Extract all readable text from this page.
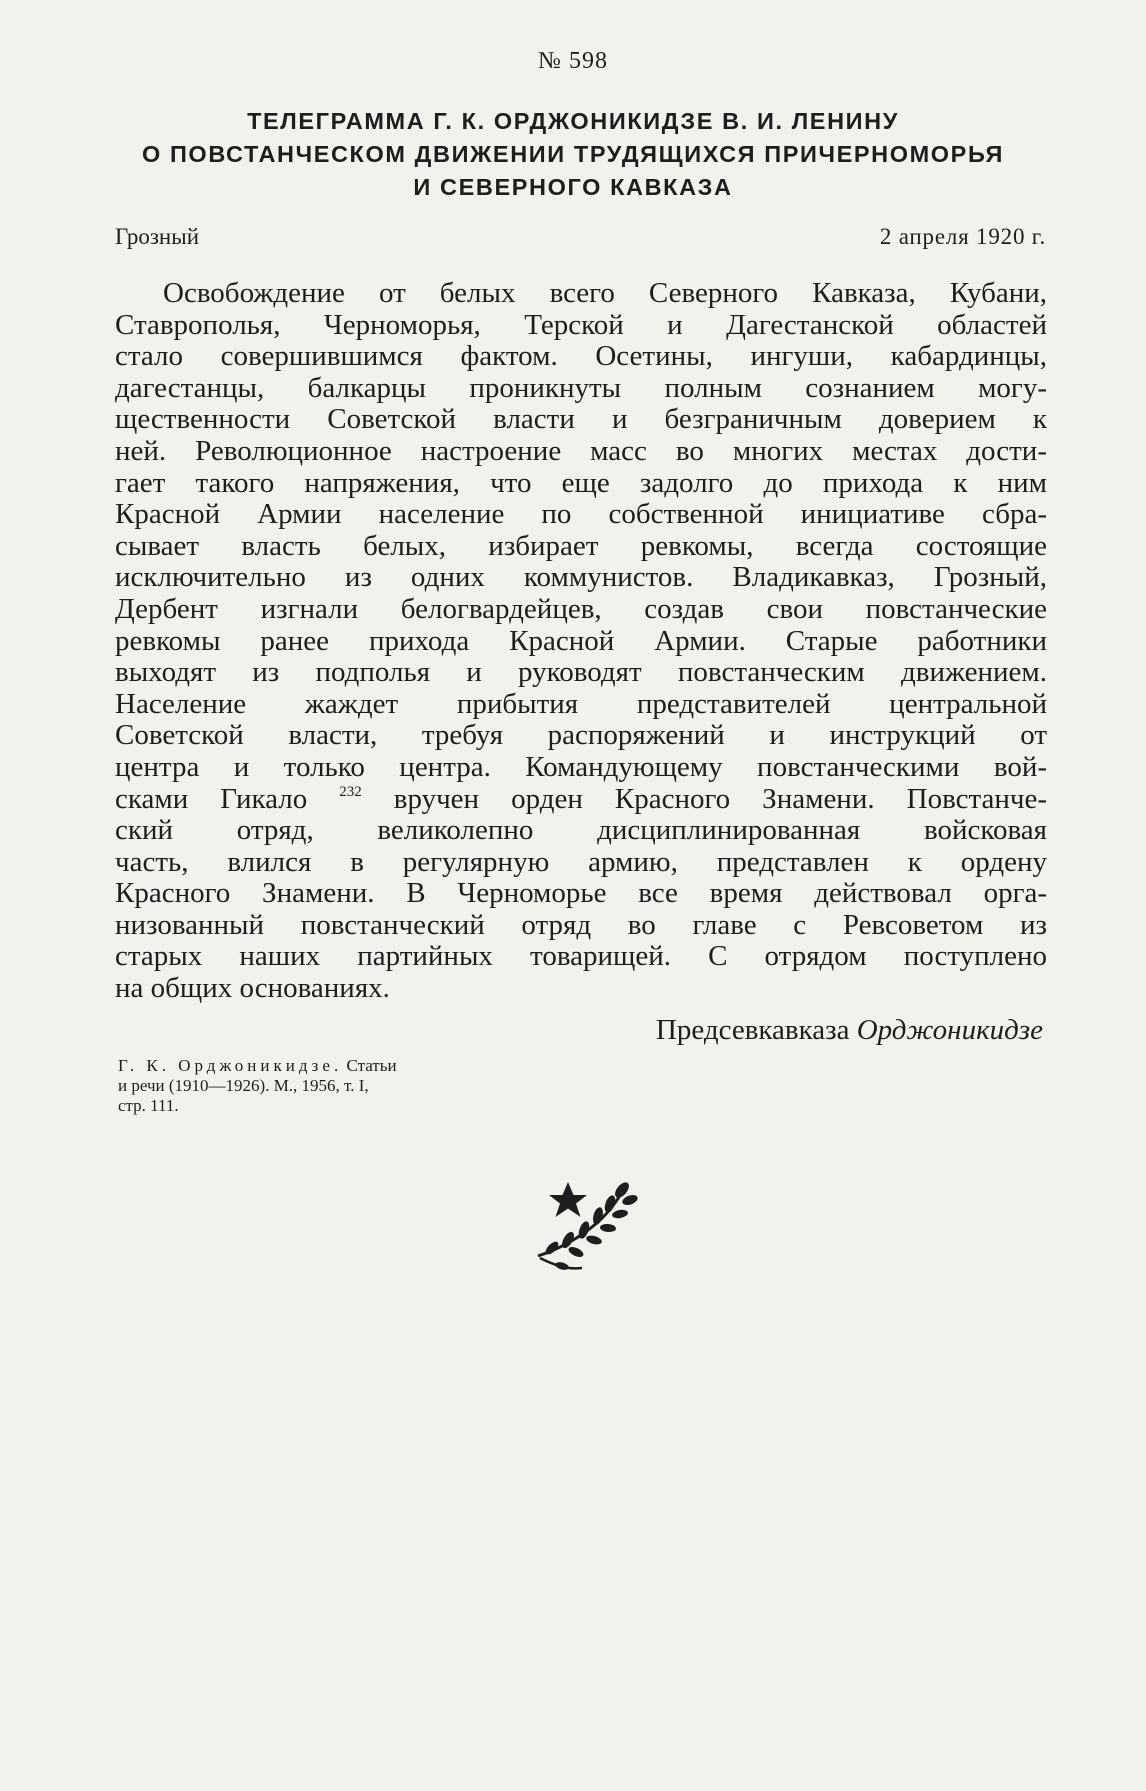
№ 598
ТЕЛЕГРАММА Г. К. ОРДЖОНИКИДЗЕ В. И. ЛЕНИНУ
О ПОВСТАНЧЕСКОМ ДВИЖЕНИИ ТРУДЯЩИХСЯ ПРИЧЕРНОМОРЬЯ
И СЕВЕРНОГО КАВКАЗА
Грозный	2 апреля 1920 г.
Освобождение от белых всего Северного Кавказа, Кубани,
Ставрополья, Черноморья, Терской и Дагестанской областей
стало совершившимся фактом. Осетины, ингуши, кабардинцы,
дагестанцы, балкарцы проникнуты полным сознанием могу-
щественности Советской власти и безграничным доверием к
ней. Революционное настроение масс во многих местах дости-
гает такого напряжения, что еще задолго до прихода к ним
Красной Армии население по собственной инициативе сбра-
сывает власть белых, избирает ревкомы, всегда состоящие
исключительно из одних коммунистов. Владикавказ, Грозный,
Дербент изгнали белогвардейцев, создав свои повстанческие
ревкомы ранее прихода Красной Армии. Старые работники
выходят из подполья и руководят повстанческим движением.
Население жаждет прибытия представителей центральной
Советской власти, требуя распоряжений и инструкций от
центра и только центра. Командующему повстанческими вой-
сками Гикало $^{232}$ вручен орден Красного Знамени. Повстанче-
ский отряд, великолепно дисциплинированная войсковая
часть, влился в регулярную армию, представлен к ордену
Красного Знамени. В Черноморье все время действовал орга-
низованный повстанческий отряд во главе с Ревсоветом из
старых наших партийных товарищей. С отрядом поступлено
на общих основаниях.
Предсевкавказа Орджоникидзе
Г. К. Орджоникидзе. Статьи
и речи (1910—1926). М., 1956, т. I,
стр. 111.
